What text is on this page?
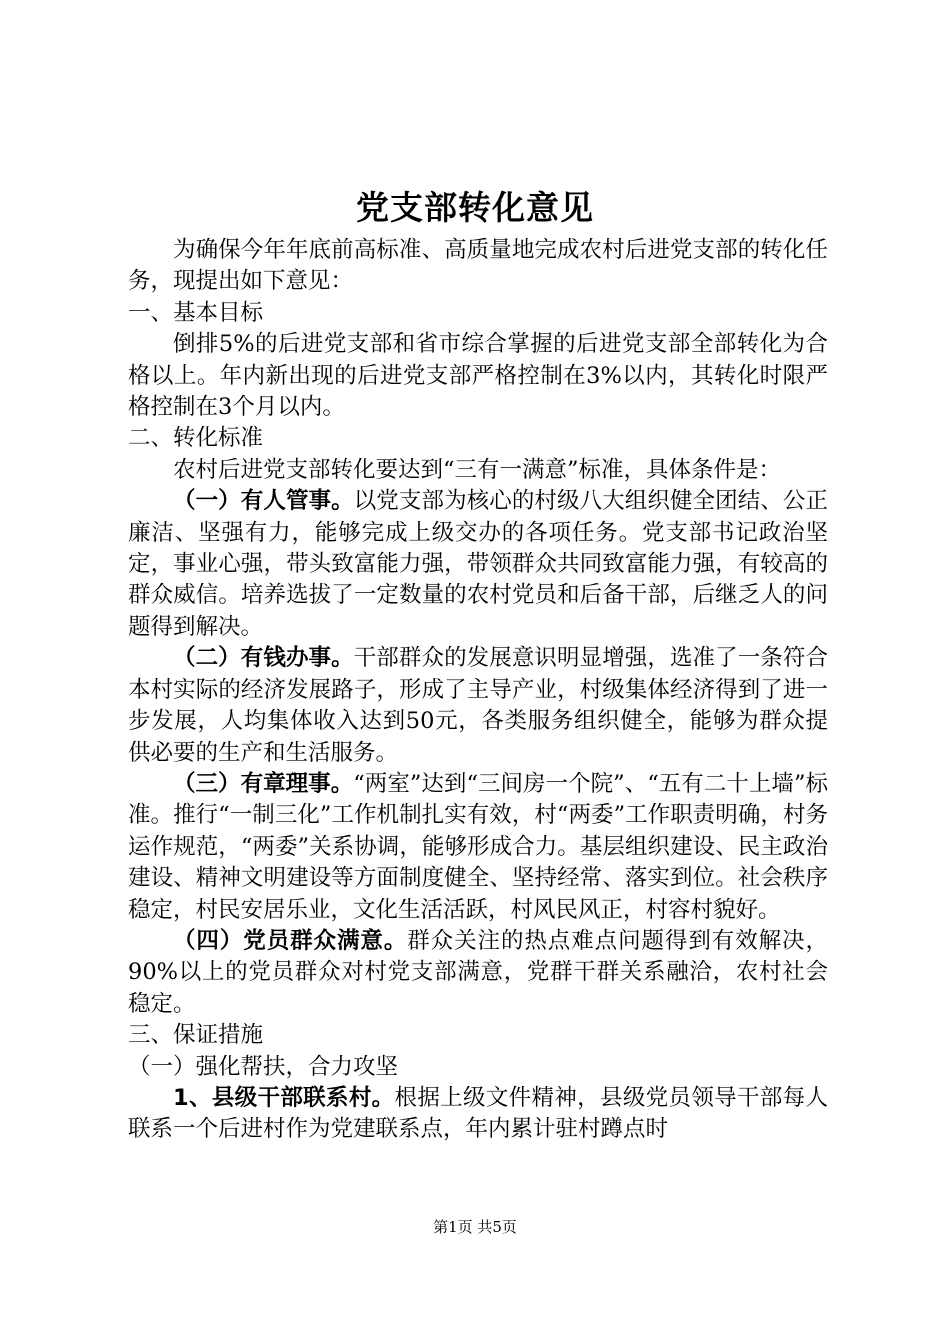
党支部转化意见

为确保今年年底前高标准、高质量地完成农村后进党支部的转化任务，现提出如下意见：

一、基本目标

倒排5%的后进党支部和省市综合掌握的后进党支部全部转化为合格以上。年内新出现的后进党支部严格控制在3%以内，其转化时限严格控制在3个月以内。

二、转化标准

农村后进党支部转化要达到“三有一满意”标准，具体条件是：

（一）有人管事。以党支部为核心的村级八大组织健全团结、公正廉洁、坚强有力，能够完成上级交办的各项任务。党支部书记政治坚定，事业心强，带头致富能力强，带领群众共同致富能力强，有较高的群众威信。培养选拔了一定数量的农村党员和后备干部，后继乏人的问题得到解决。

（二）有钱办事。干部群众的发展意识明显增强，选准了一条符合本村实际的经济发展路子，形成了主导产业，村级集体经济得到了进一步发展，人均集体收入达到50元，各类服务组织健全，能够为群众提供必要的生产和生活服务。

（三）有章理事。“两室”达到“三间房一个院”、“五有二十上墙”标准。推行“一制三化”工作机制扎实有效，村“两委”工作职责明确，村务运作规范，“两委”关系协调，能够形成合力。基层组织建设、民主政治建设、精神文明建设等方面制度健全、坚持经常、落实到位。社会秩序稳定，村民安居乐业，文化生活活跃，村风民风正，村容村貌好。

（四）党员群众满意。群众关注的热点难点问题得到有效解决，90%以上的党员群众对村党支部满意，党群干群关系融洽，农村社会稳定。

三、保证措施

（一）强化帮扶，合力攻坚

1、县级干部联系村。根据上级文件精神，县级党员领导干部每人联系一个后进村作为党建联系点，年内累计驻村蹲点时

第1页 共5页
